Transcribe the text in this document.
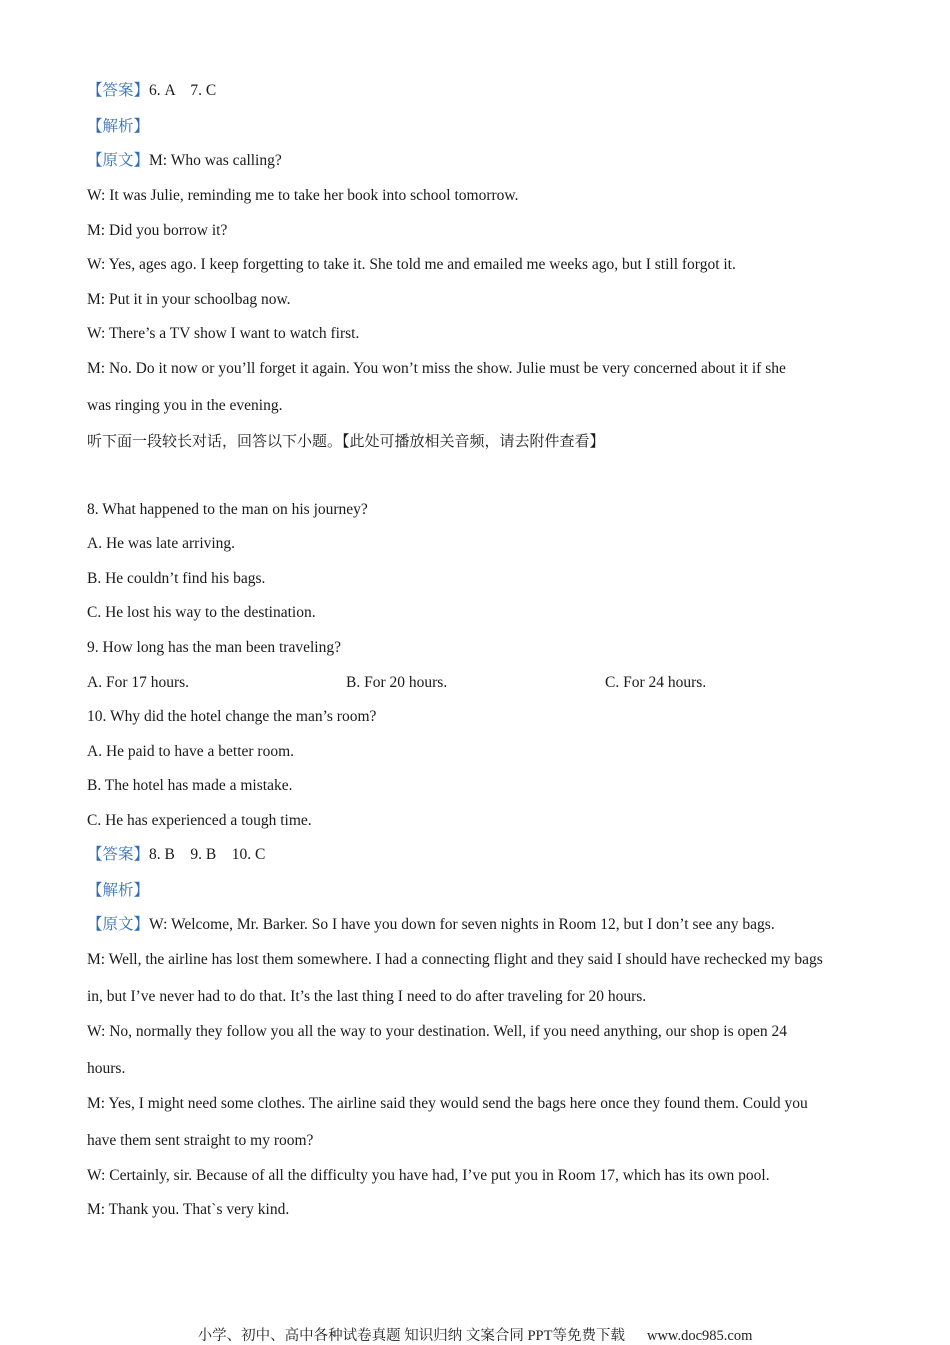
【答案】6. A    7. C
【解析】
【原文】M: Who was calling?
W: It was Julie, reminding me to take her book into school tomorrow.
M: Did you borrow it?
W: Yes, ages ago. I keep forgetting to take it. She told me and emailed me weeks ago, but I still forgot it.
M: Put it in your schoolbag now.
W: There’s a TV show I want to watch first.
M: No. Do it now or you’ll forget it again. You won’t miss the show. Julie must be very concerned about it if she
was ringing you in the evening.
听下面一段较长对话，回答以下小题。【此处可播放相关音频，请去附件查看】
8. What happened to the man on his journey?
A. He was late arriving.
B. He couldn’t find his bags.
C. He lost his way to the destination.
9. How long has the man been traveling?
A. For 17 hours.	B. For 20 hours.	C. For 24 hours.
10. Why did the hotel change the man’s room?
A. He paid to have a better room.
B. The hotel has made a mistake.
C. He has experienced a tough time.
【答案】8. B    9. B    10. C
【解析】
【原文】W: Welcome, Mr. Barker. So I have you down for seven nights in Room 12, but I don’t see any bags.
M: Well, the airline has lost them somewhere. I had a connecting flight and they said I should have rechecked my bags
in, but I’ve never had to do that. It’s the last thing I need to do after traveling for 20 hours.
W: No, normally they follow you all the way to your destination. Well, if you need anything, our shop is open 24
hours.
M: Yes, I might need some clothes. The airline said they would send the bags here once they found them. Could you
have them sent straight to my room?
W: Certainly, sir. Because of all the difficulty you have had, I’ve put you in Room 17, which has its own pool.
M: Thank you. That`s very kind.
小学、初中、高中各种试卷真题 知识归纳 文案合同 PPT等免费下载 www.doc985.com
